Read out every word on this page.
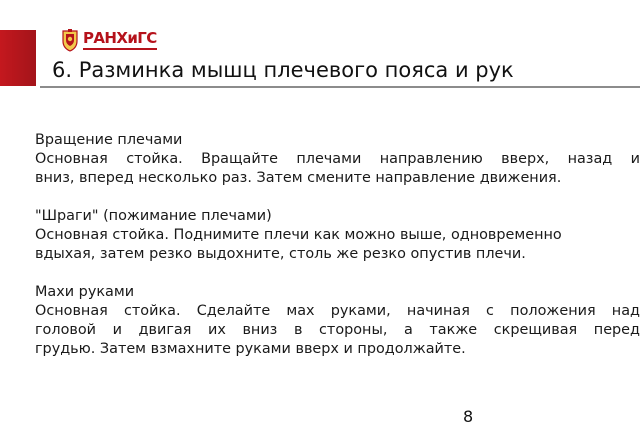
РАНХиГС
6. Разминка мышц плечевого пояса и рук
Вращение плечами
Основная стойка. Вращайте плечами направлению вверх, назад и
вниз, вперед несколько раз. Затем смените направление движения.
"Шраги" (пожимание плечами)
Основная стойка. Поднимите плечи как можно выше, одновременно
вдыхая, затем резко выдохните, столь же резко опустив плечи.
Махи руками
Основная стойка. Сделайте мах руками, начиная с положения над
головой и двигая их вниз в стороны, а также скрещивая перед
грудью. Затем взмахните руками вверх и продолжайте.
8
